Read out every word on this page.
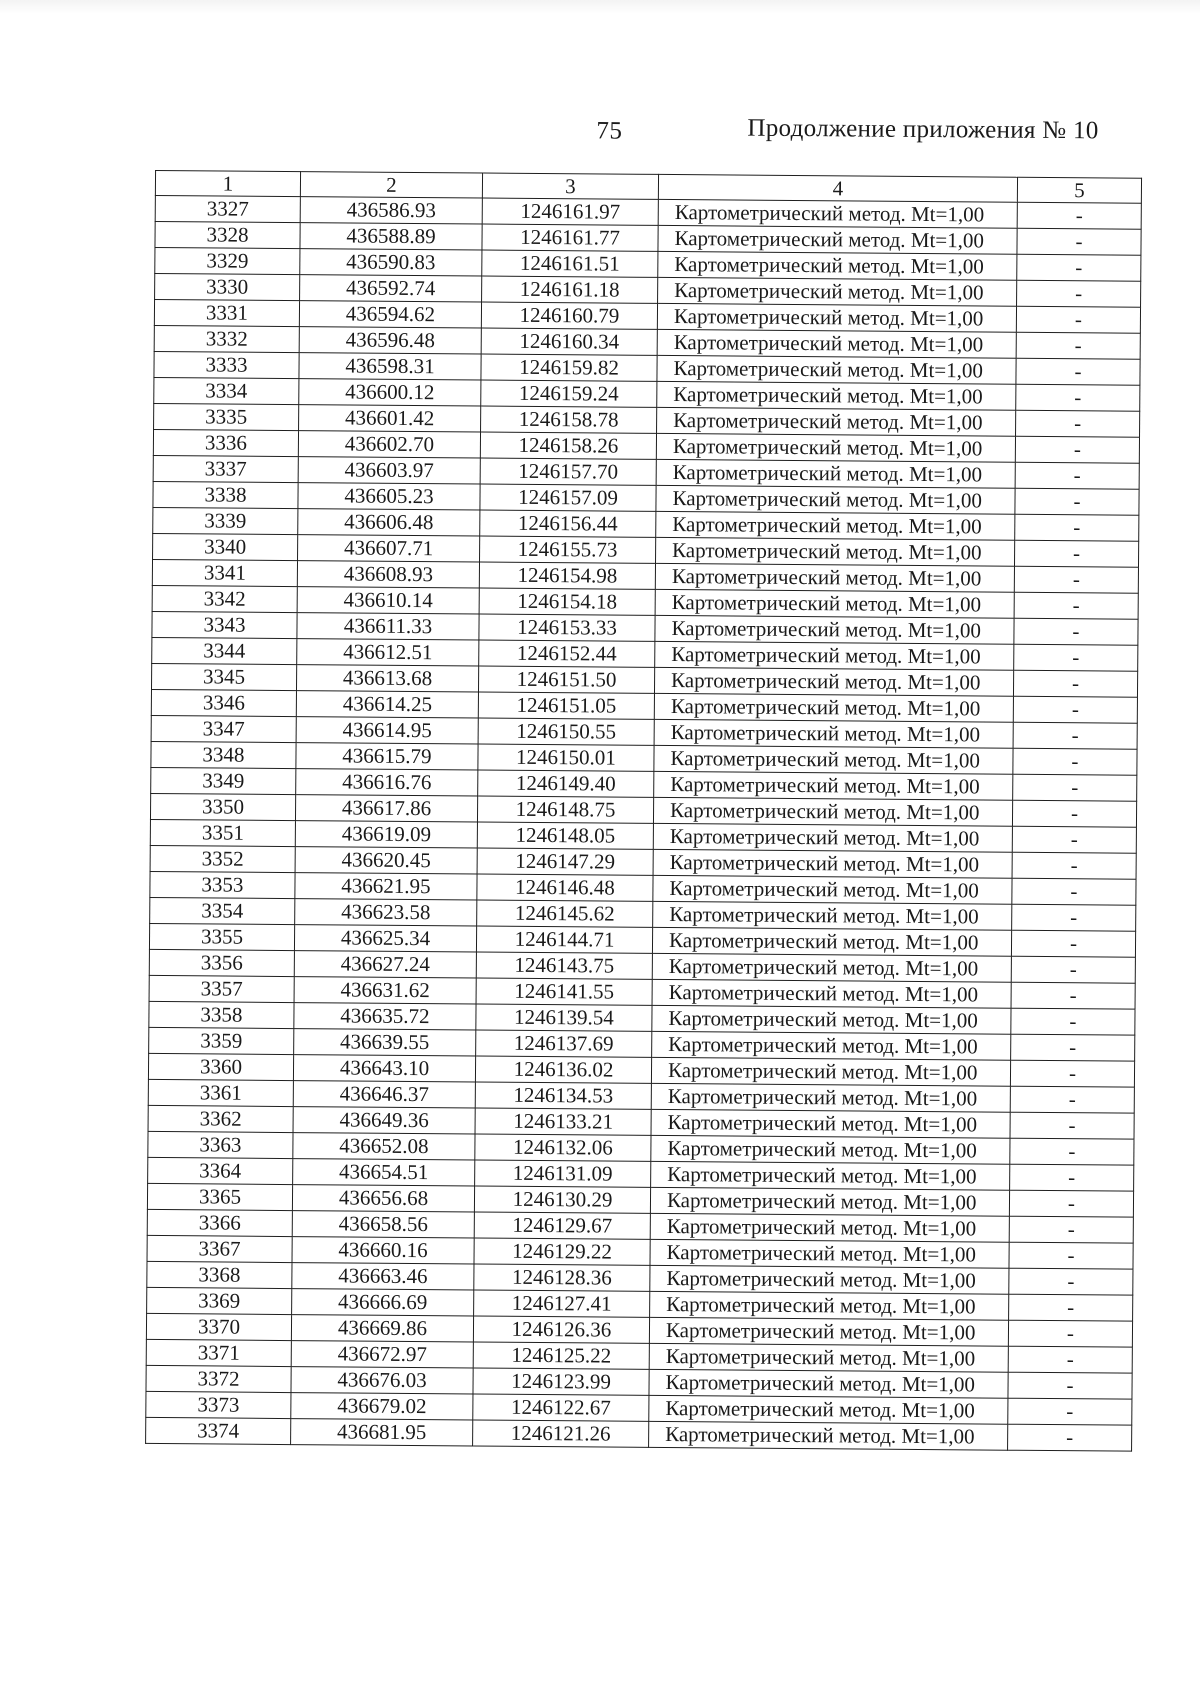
75	Продолжение приложения № 10
1	2	3	4	5
3327	436586.93	1246161.97	Картометрический метод. Mt=1,00	-
3328	436588.89	1246161.77	Картометрический метод. Mt=1,00	-
3329	436590.83	1246161.51	Картометрический метод. Mt=1,00	-
3330	436592.74	1246161.18	Картометрический метод. Mt=1,00	-
3331	436594.62	1246160.79	Картометрический метод. Mt=1,00	-
3332	436596.48	1246160.34	Картометрический метод. Mt=1,00	-
3333	436598.31	1246159.82	Картометрический метод. Mt=1,00	-
3334	436600.12	1246159.24	Картометрический метод. Mt=1,00	-
3335	436601.42	1246158.78	Картометрический метод. Mt=1,00	-
3336	436602.70	1246158.26	Картометрический метод. Mt=1,00	-
3337	436603.97	1246157.70	Картометрический метод. Mt=1,00	-
3338	436605.23	1246157.09	Картометрический метод. Mt=1,00	-
3339	436606.48	1246156.44	Картометрический метод. Mt=1,00	-
3340	436607.71	1246155.73	Картометрический метод. Mt=1,00	-
3341	436608.93	1246154.98	Картометрический метод. Mt=1,00	-
3342	436610.14	1246154.18	Картометрический метод. Mt=1,00	-
3343	436611.33	1246153.33	Картометрический метод. Mt=1,00	-
3344	436612.51	1246152.44	Картометрический метод. Mt=1,00	-
3345	436613.68	1246151.50	Картометрический метод. Mt=1,00	-
3346	436614.25	1246151.05	Картометрический метод. Mt=1,00	-
3347	436614.95	1246150.55	Картометрический метод. Mt=1,00	-
3348	436615.79	1246150.01	Картометрический метод. Mt=1,00	-
3349	436616.76	1246149.40	Картометрический метод. Mt=1,00	-
3350	436617.86	1246148.75	Картометрический метод. Mt=1,00	-
3351	436619.09	1246148.05	Картометрический метод. Mt=1,00	-
3352	436620.45	1246147.29	Картометрический метод. Mt=1,00	-
3353	436621.95	1246146.48	Картометрический метод. Mt=1,00	-
3354	436623.58	1246145.62	Картометрический метод. Mt=1,00	-
3355	436625.34	1246144.71	Картометрический метод. Mt=1,00	-
3356	436627.24	1246143.75	Картометрический метод. Mt=1,00	-
3357	436631.62	1246141.55	Картометрический метод. Mt=1,00	-
3358	436635.72	1246139.54	Картометрический метод. Mt=1,00	-
3359	436639.55	1246137.69	Картометрический метод. Mt=1,00	-
3360	436643.10	1246136.02	Картометрический метод. Mt=1,00	-
3361	436646.37	1246134.53	Картометрический метод. Mt=1,00	-
3362	436649.36	1246133.21	Картометрический метод. Mt=1,00	-
3363	436652.08	1246132.06	Картометрический метод. Mt=1,00	-
3364	436654.51	1246131.09	Картометрический метод. Mt=1,00	-
3365	436656.68	1246130.29	Картометрический метод. Mt=1,00	-
3366	436658.56	1246129.67	Картометрический метод. Mt=1,00	-
3367	436660.16	1246129.22	Картометрический метод. Mt=1,00	-
3368	436663.46	1246128.36	Картометрический метод. Mt=1,00	-
3369	436666.69	1246127.41	Картометрический метод. Mt=1,00	-
3370	436669.86	1246126.36	Картометрический метод. Mt=1,00	-
3371	436672.97	1246125.22	Картометрический метод. Mt=1,00	-
3372	436676.03	1246123.99	Картометрический метод. Mt=1,00	-
3373	436679.02	1246122.67	Картометрический метод. Mt=1,00	-
3374	436681.95	1246121.26	Картометрический метод. Mt=1,00	-
